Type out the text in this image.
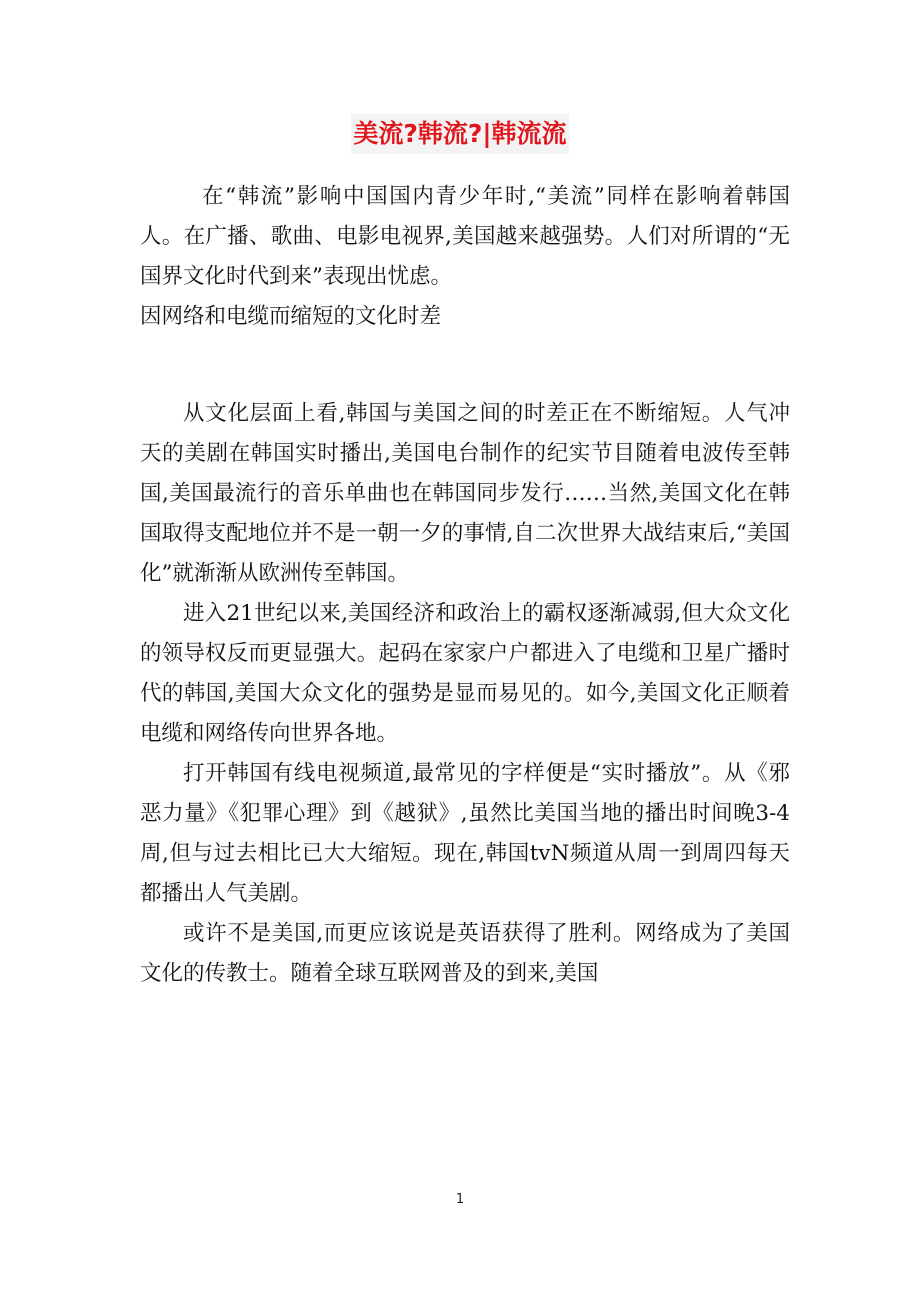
美流?韩流?|韩流流

在“韩流”影响中国国内青少年时,“美流”同样在影响着韩国人。在广播、歌曲、电影电视界,美国越来越强势。人们对所谓的“无国界文化时代到来”表现出忧虑。

因网络和电缆而缩短的文化时差

从文化层面上看,韩国与美国之间的时差正在不断缩短。人气冲天的美剧在韩国实时播出,美国电台制作的纪实节目随着电波传至韩国,美国最流行的音乐单曲也在韩国同步发行……当然,美国文化在韩国取得支配地位并不是一朝一夕的事情,自二次世界大战结束后,“美国化”就渐渐从欧洲传至韩国。

进入21世纪以来,美国经济和政治上的霸权逐渐减弱,但大众文化的领导权反而更显强大。起码在家家户户都进入了电缆和卫星广播时代的韩国,美国大众文化的强势是显而易见的。如今,美国文化正顺着电缆和网络传向世界各地。

打开韩国有线电视频道,最常见的字样便是“实时播放”。从《邪恶力量》《犯罪心理》到《越狱》,虽然比美国当地的播出时间晚3-4周,但与过去相比已大大缩短。现在,韩国tvN频道从周一到周四每天都播出人气美剧。

或许不是美国,而更应该说是英语获得了胜利。网络成为了美国文化的传教士。随着全球互联网普及的到来,美国

1
